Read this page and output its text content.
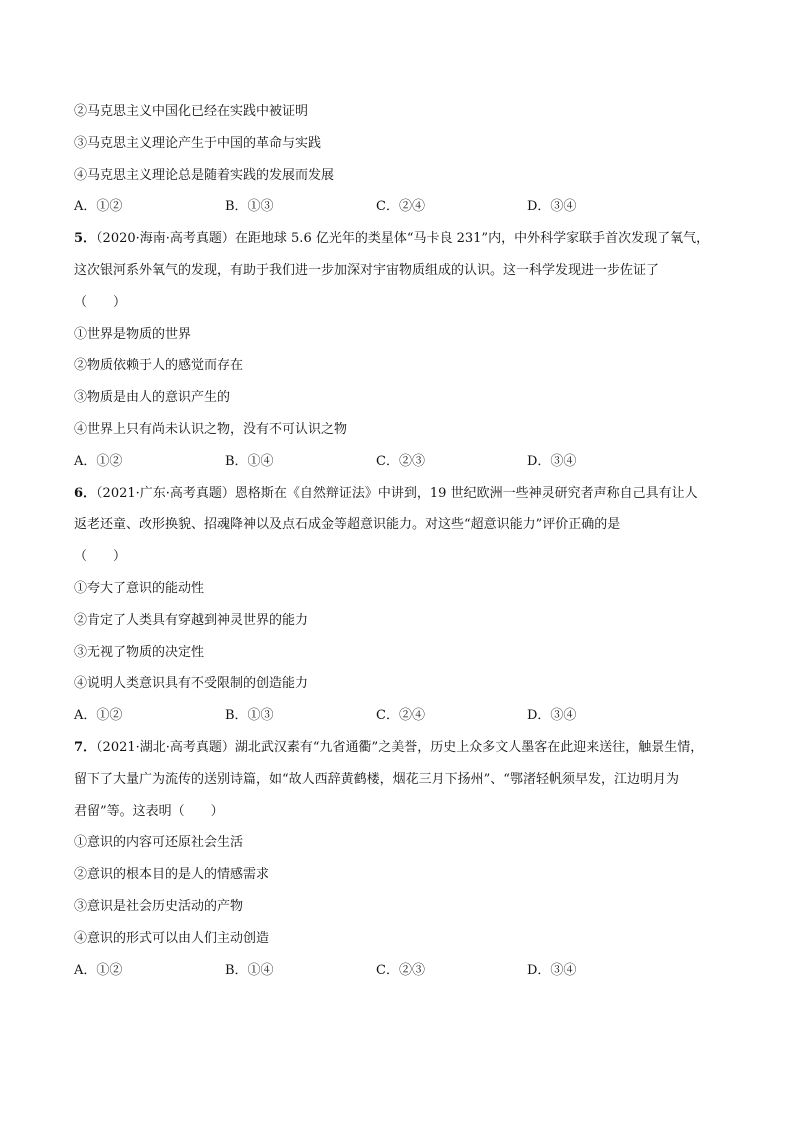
②马克思主义中国化已经在实践中被证明
③马克思主义理论产生于中国的革命与实践
④马克思主义理论总是随着实践的发展而发展
A．①②	B．①③	C．②④	D．③④
5．（2020·海南·高考真题）在距地球 5.6 亿光年的类星体“马卡良 231”内，中外科学家联手首次发现了氧气，
这次银河系外氧气的发现，有助于我们进一步加深对宇宙物质组成的认识。这一科学发现进一步佐证了
（　　）
①世界是物质的世界
②物质依赖于人的感觉而存在
③物质是由人的意识产生的
④世界上只有尚未认识之物，没有不可认识之物
A．①②	B．①④	C．②③	D．③④
6．（2021·广东·高考真题）恩格斯在《自然辩证法》中讲到，19 世纪欧洲一些神灵研究者声称自己具有让人
返老还童、改形换貌、招魂降神以及点石成金等超意识能力。对这些“超意识能力”评价正确的是
（　　）
①夸大了意识的能动性
②肯定了人类具有穿越到神灵世界的能力
③无视了物质的决定性
④说明人类意识具有不受限制的创造能力
A．①②	B．①③	C．②④	D．③④
7．（2021·湖北·高考真题）湖北武汉素有“九省通衢”之美誉，历史上众多文人墨客在此迎来送往，触景生情，
留下了大量广为流传的送别诗篇，如“故人西辞黄鹤楼，烟花三月下扬州”、“鄂渚轻帆须早发，江边明月为
君留”等。这表明（　　）
①意识的内容可还原社会生活
②意识的根本目的是人的情感需求
③意识是社会历史活动的产物
④意识的形式可以由人们主动创造
A．①②	B．①④	C．②③	D．③④
